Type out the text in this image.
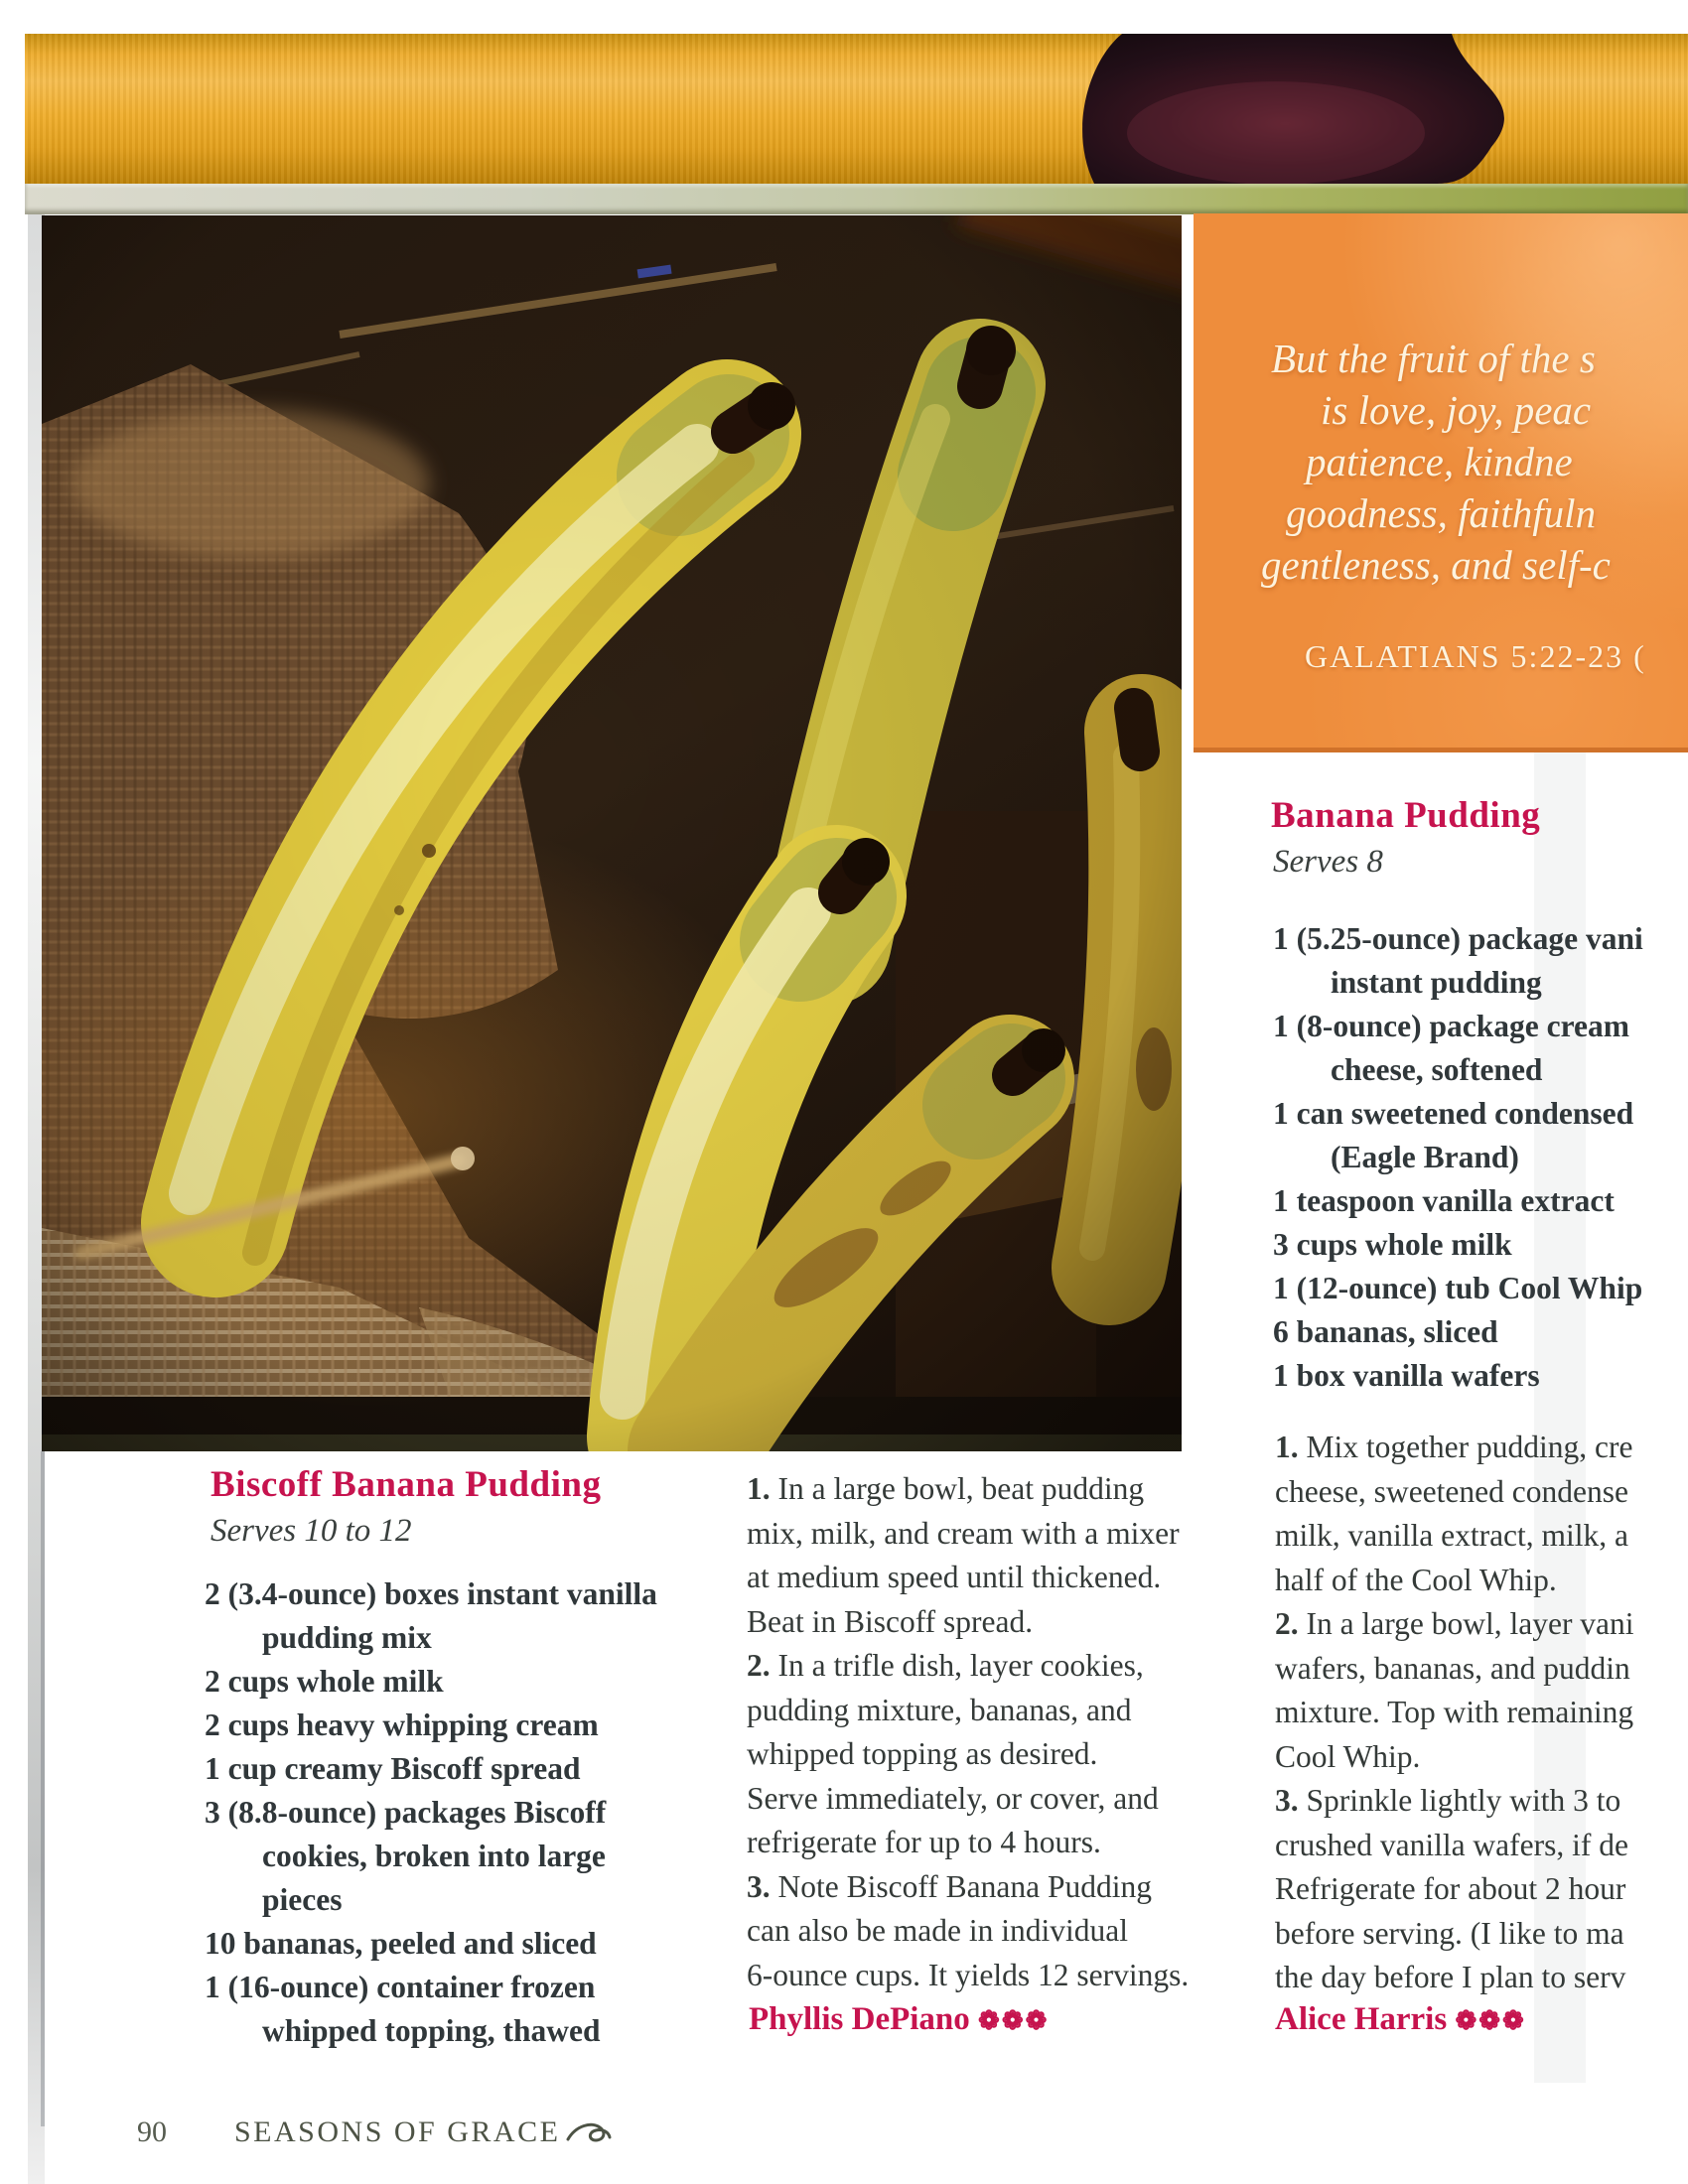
But the fruit of the s
is love, joy, peac
patience, kindne
goodness, faithfuln
gentleness, and self-c
GALATIANS 5:22-23 (
Banana Pudding
Serves 8
1 (5.25-ounce) package vani
instant pudding
1 (8-ounce) package cream
cheese, softened
1 can sweetened condensed
(Eagle Brand)
1 teaspoon vanilla extract
3 cups whole milk
1 (12-ounce) tub Cool Whip
6 bananas, sliced
1 box vanilla wafers
1. Mix together pudding, cre
cheese, sweetened condense
milk, vanilla extract, milk, a
half of the Cool Whip.
2. In a large bowl, layer vani
wafers, bananas, and puddin
mixture. Top with remaining
Cool Whip.
3. Sprinkle lightly with 3 to
crushed vanilla wafers, if de
Refrigerate for about 2 hour
before serving. (I like to ma
the day before I plan to serv
Alice Harris ❁❁❁
Biscoff Banana Pudding
Serves 10 to 12
2 (3.4-ounce) boxes instant vanilla
pudding mix
2 cups whole milk
2 cups heavy whipping cream
1 cup creamy Biscoff spread
3 (8.8-ounce) packages Biscoff
cookies, broken into large
pieces
10 bananas, peeled and sliced
1 (16-ounce) container frozen
whipped topping, thawed
1. In a large bowl, beat pudding
mix, milk, and cream with a mixer
at medium speed until thickened.
Beat in Biscoff spread.
2. In a trifle dish, layer cookies,
pudding mixture, bananas, and
whipped topping as desired.
Serve immediately, or cover, and
refrigerate for up to 4 hours.
3. Note Biscoff Banana Pudding
can also be made in individual
6-ounce cups. It yields 12 servings.
Phyllis DePiano ❁❁❁
90 SEASONS OF GRACE
